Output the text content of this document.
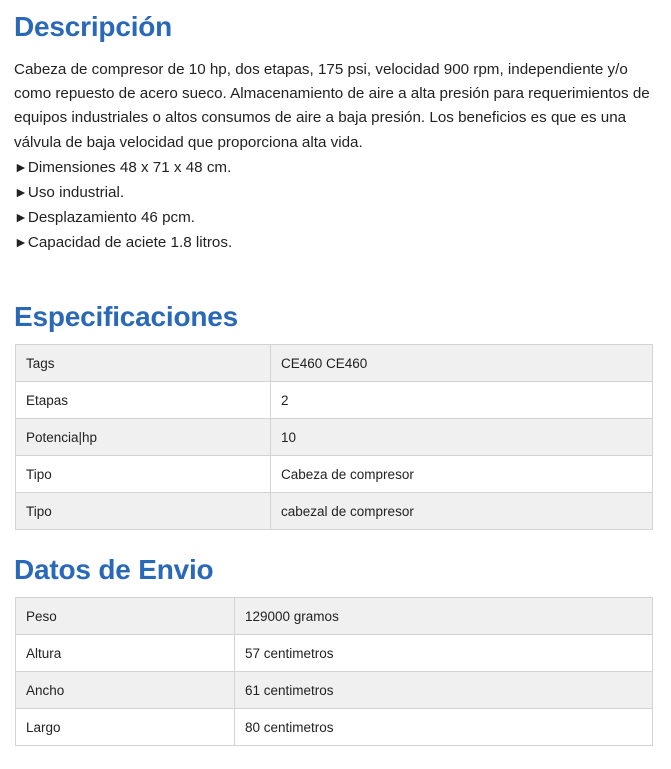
Descripción

Cabeza de compresor de 10 hp, dos etapas, 175 psi, velocidad 900 rpm, independiente y/o como repuesto de acero sueco. Almacenamiento de aire a alta presión para requerimientos de equipos industriales o altos consumos de aire a baja presión. Los beneficios es que es una válvula de baja velocidad que proporciona alta vida.

►Dimensiones 48 x 71 x 48 cm.

►Uso industrial.

►Desplazamiento 46 pcm.

►Capacidad de aciete 1.8 litros.

Especificaciones
Tags	CE460 CE460
Etapas	2
Potencia|hp	10
Tipo	Cabeza de compresor
Tipo	cabezal de compresor
Datos de Envio
Peso	129000 gramos
Altura	57 centimetros
Ancho	61 centimetros
Largo	80 centimetros
